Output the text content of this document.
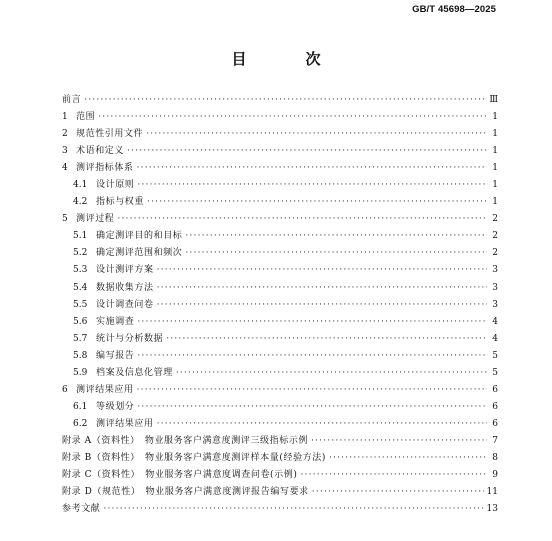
GB/T 45698—2025
目　次
前言 ·····	Ⅲ
1 范围 ·····	1
2 规范性引用文件 ·····	1
3 术语和定义 ·····	1
4 测评指标体系 ·····	1
4.1 设计原则 ·····	1
4.2 指标与权重 ·····	1
5 测评过程 ·····	2
5.1 确定测评目的和目标 ·····	2
5.2 确定测评范围和频次 ·····	2
5.3 设计测评方案 ·····	3
5.4 数据收集方法 ·····	3
5.5 设计调查问卷 ·····	3
5.6 实施调查 ·····	4
5.7 统计与分析数据 ·····	4
5.8 编写报告 ·····	5
5.9 档案及信息化管理 ·····	5
6 测评结果应用 ·····	6
6.1 等级划分 ·····	6
6.2 测评结果应用 ·····	6
附录 A（资料性）　物业服务客户满意度测评三级指标示例 ·····	7
附录 B（资料性）　物业服务客户满意度测评样本量(经验方法) ·····	8
附录 C（资料性）　物业服务客户满意度调查问卷(示例) ·····	9
附录 D（规范性）　物业服务客户满意度测评报告编写要求 ·····	11
参考文献 ·····	13
